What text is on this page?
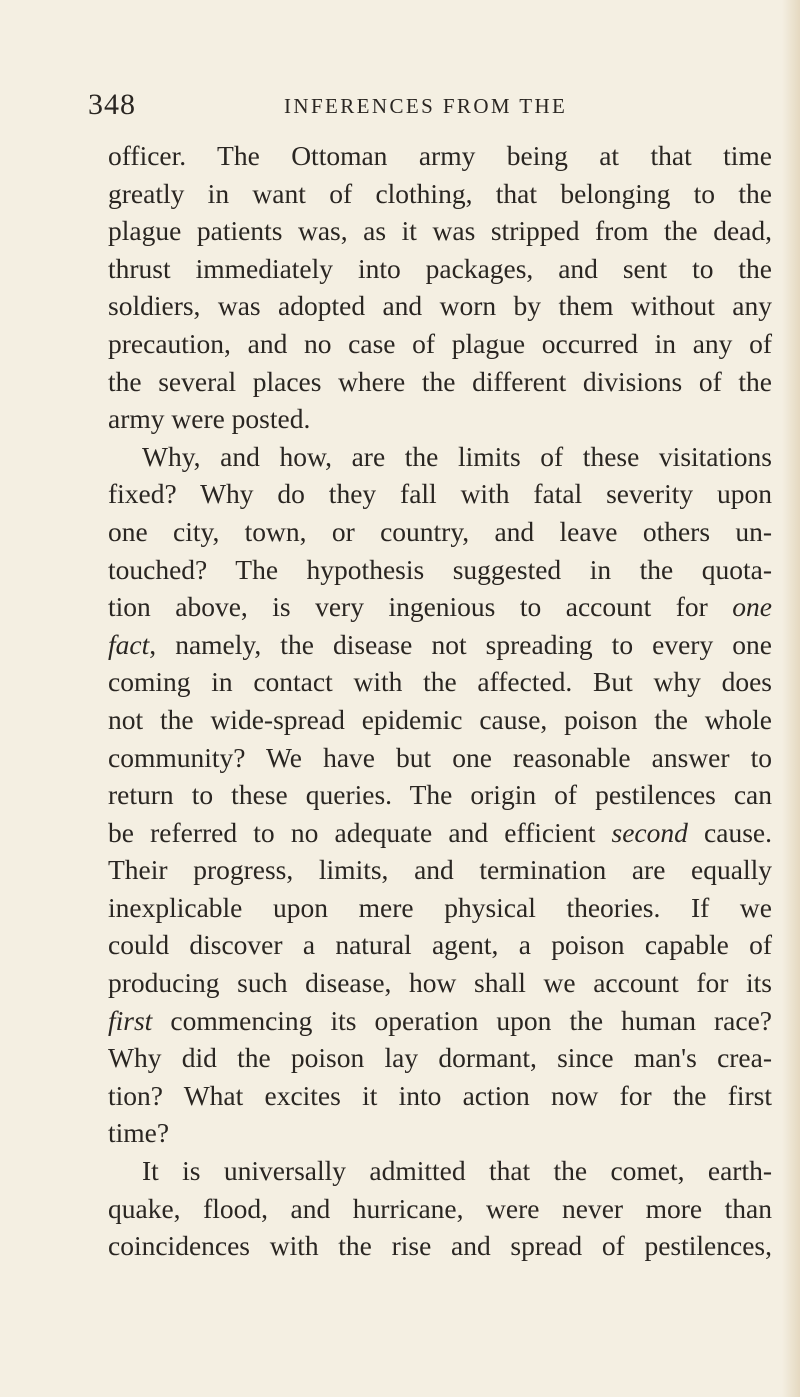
348	INFERENCES FROM THE
officer. The Ottoman army being at that time
greatly in want of clothing, that belonging to the
plague patients was, as it was stripped from the dead,
thrust immediately into packages, and sent to the
soldiers, was adopted and worn by them without any
precaution, and no case of plague occurred in any of
the several places where the different divisions of the
army were posted.
Why, and how, are the limits of these visitations
fixed? Why do they fall with fatal severity upon
one city, town, or country, and leave others un-
touched? The hypothesis suggested in the quota-
tion above, is very ingenious to account for one
fact, namely, the disease not spreading to every one
coming in contact with the affected. But why does
not the wide-spread epidemic cause, poison the whole
community? We have but one reasonable answer to
return to these queries. The origin of pestilences can
be referred to no adequate and efficient second cause.
Their progress, limits, and termination are equally
inexplicable upon mere physical theories. If we
could discover a natural agent, a poison capable of
producing such disease, how shall we account for its
first commencing its operation upon the human race?
Why did the poison lay dormant, since man's crea-
tion? What excites it into action now for the first
time?
It is universally admitted that the comet, earth-
quake, flood, and hurricane, were never more than
coincidences with the rise and spread of pestilences,
